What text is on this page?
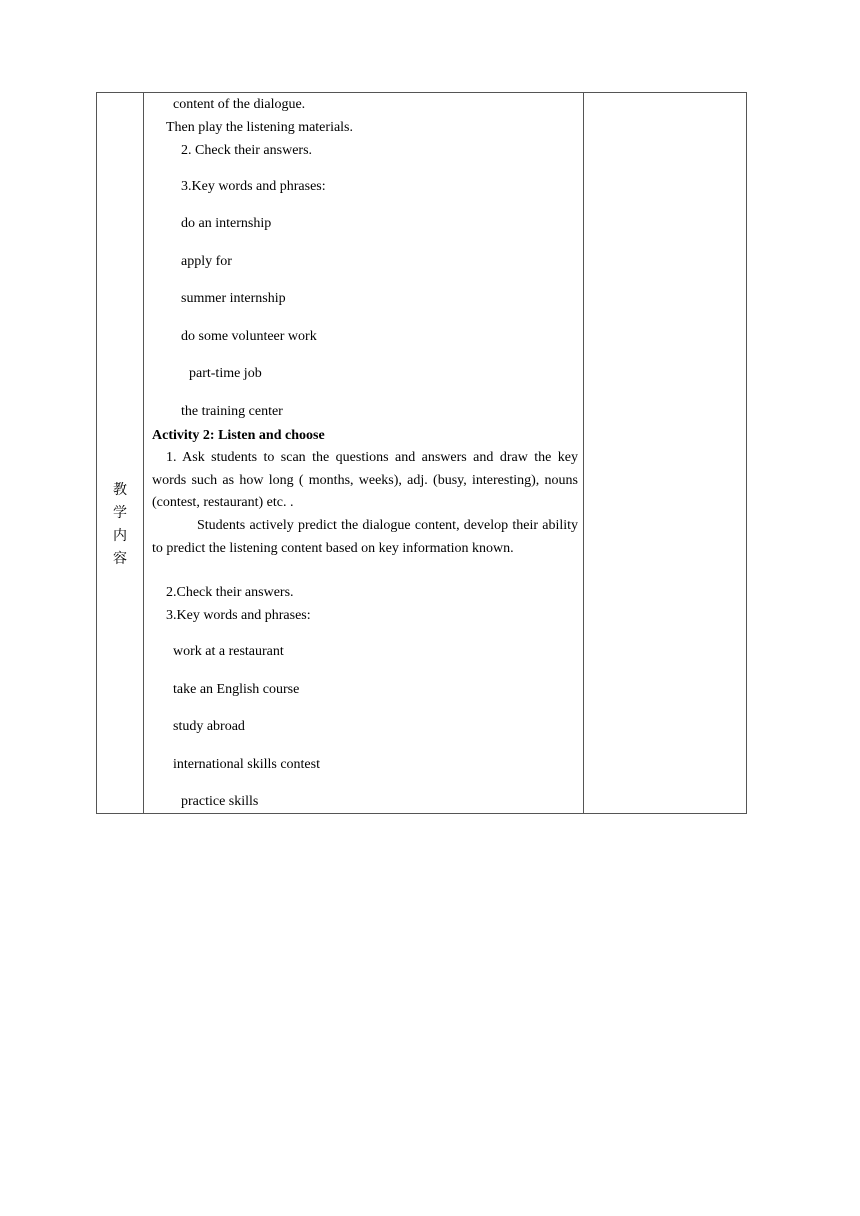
教
学
内
容
content of the dialogue.
Then play the listening materials.
2. Check their answers.
3.Key words and phrases:
do an internship
apply for
summer internship
do some volunteer work
part-time job
the training center
Activity 2: Listen and choose
1. Ask students to scan the questions and answers and draw the key words such as how long ( months, weeks), adj. (busy, interesting), nouns (contest, restaurant) etc. .
Students actively predict the dialogue content, develop their ability to predict the listening content based on key information known.
2.Check their answers.
3.Key words and phrases:
work at a restaurant
take an English course
study abroad
international skills contest
practice skills
